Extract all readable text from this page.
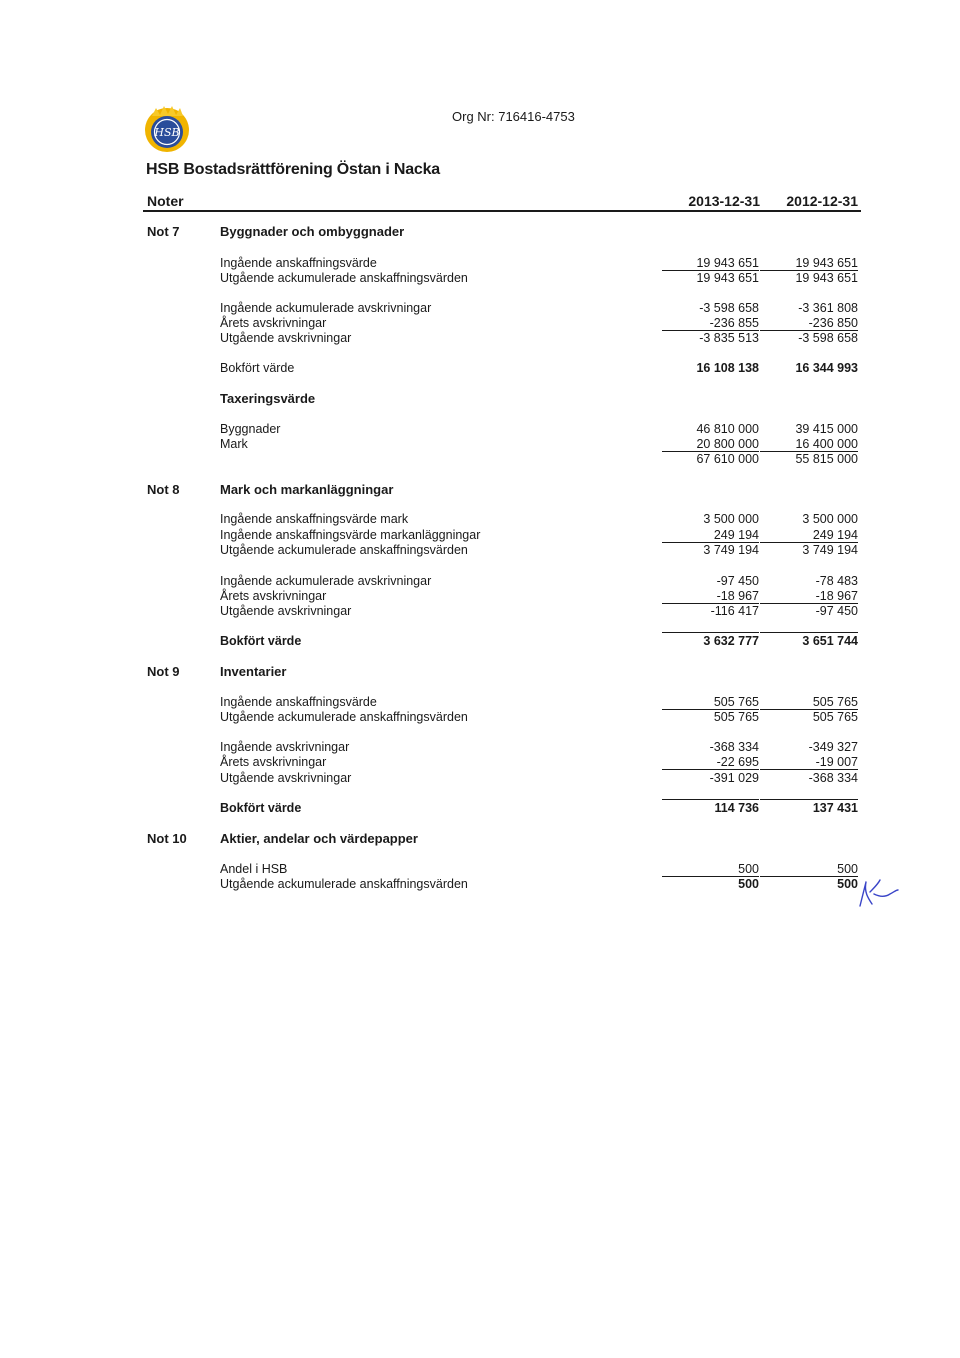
HSB
Org Nr: 716416-4753
HSB Bostadsrättförening Östan i Nacka
Noter	2013-12-31	2012-12-31
Not 7	Byggnader och ombyggnader
Ingående anskaffningsvärde	19 943 651	19 943 651
Utgående ackumulerade anskaffningsvärden	19 943 651	19 943 651
Ingående ackumulerade avskrivningar	-3 598 658	-3 361 808
Årets avskrivningar	-236 855	-236 850
Utgående avskrivningar	-3 835 513	-3 598 658
Bokfört värde	16 108 138	16 344 993
Taxeringsvärde
Byggnader	46 810 000	39 415 000
Mark	20 800 000	16 400 000
67 610 000	55 815 000
Not 8	Mark och markanläggningar
Ingående anskaffningsvärde mark	3 500 000	3 500 000
Ingående anskaffningsvärde markanläggningar	249 194	249 194
Utgående ackumulerade anskaffningsvärden	3 749 194	3 749 194
Ingående ackumulerade avskrivningar	-97 450	-78 483
Årets avskrivningar	-18 967	-18 967
Utgående avskrivningar	-116 417	-97 450
Bokfört värde	3 632 777	3 651 744
Not 9	Inventarier
Ingående anskaffningsvärde	505 765	505 765
Utgående ackumulerade anskaffningsvärden	505 765	505 765
Ingående avskrivningar	-368 334	-349 327
Årets avskrivningar	-22 695	-19 007
Utgående avskrivningar	-391 029	-368 334
Bokfört värde	114 736	137 431
Not 10	Aktier, andelar och värdepapper
Andel i HSB	500	500
Utgående ackumulerade anskaffningsvärden	500	500
